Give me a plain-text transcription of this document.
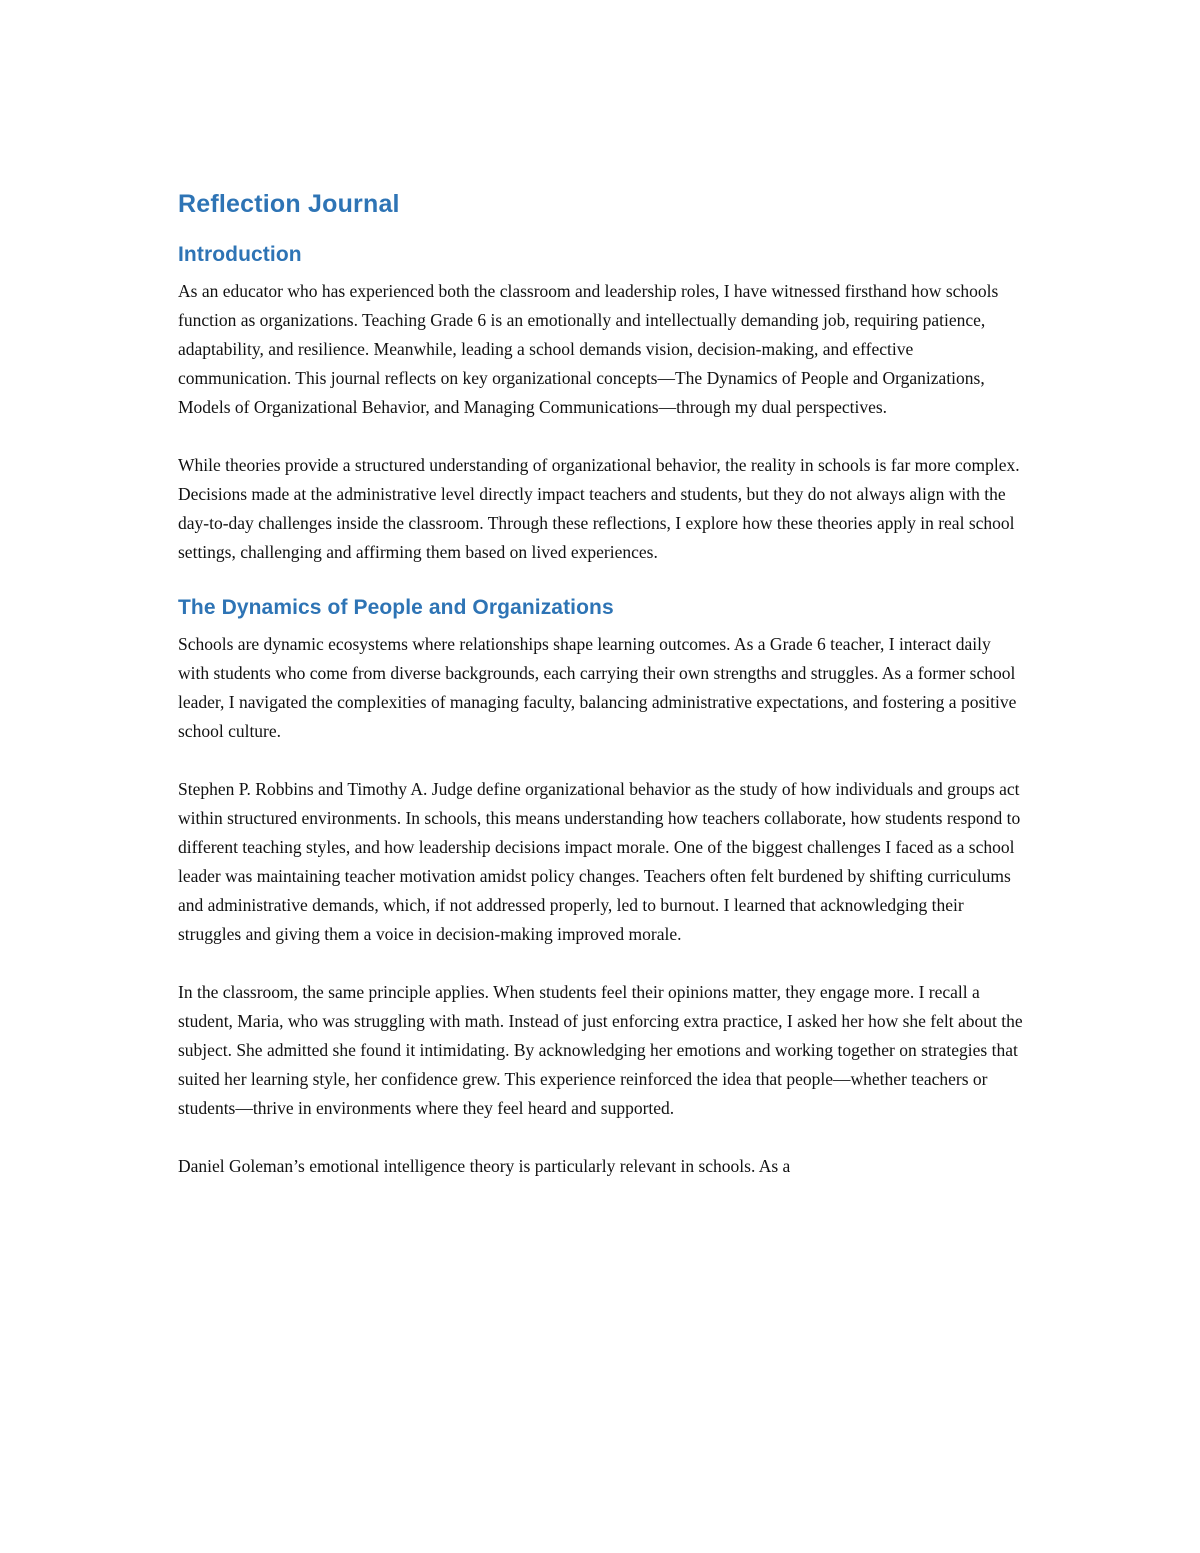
Reflection Journal
Introduction

As an educator who has experienced both the classroom and leadership roles, I have witnessed firsthand how schools function as organizations. Teaching Grade 6 is an emotionally and intellectually demanding job, requiring patience, adaptability, and resilience. Meanwhile, leading a school demands vision, decision-making, and effective communication. This journal reflects on key organizational concepts—The Dynamics of People and Organizations, Models of Organizational Behavior, and Managing Communications—through my dual perspectives.

While theories provide a structured understanding of organizational behavior, the reality in schools is far more complex. Decisions made at the administrative level directly impact teachers and students, but they do not always align with the day-to-day challenges inside the classroom. Through these reflections, I explore how these theories apply in real school settings, challenging and affirming them based on lived experiences.

The Dynamics of People and Organizations

Schools are dynamic ecosystems where relationships shape learning outcomes. As a Grade 6 teacher, I interact daily with students who come from diverse backgrounds, each carrying their own strengths and struggles. As a former school leader, I navigated the complexities of managing faculty, balancing administrative expectations, and fostering a positive school culture.

Stephen P. Robbins and Timothy A. Judge define organizational behavior as the study of how individuals and groups act within structured environments. In schools, this means understanding how teachers collaborate, how students respond to different teaching styles, and how leadership decisions impact morale. One of the biggest challenges I faced as a school leader was maintaining teacher motivation amidst policy changes. Teachers often felt burdened by shifting curriculums and administrative demands, which, if not addressed properly, led to burnout. I learned that acknowledging their struggles and giving them a voice in decision-making improved morale.

In the classroom, the same principle applies. When students feel their opinions matter, they engage more. I recall a student, Maria, who was struggling with math. Instead of just enforcing extra practice, I asked her how she felt about the subject. She admitted she found it intimidating. By acknowledging her emotions and working together on strategies that suited her learning style, her confidence grew. This experience reinforced the idea that people—whether teachers or students—thrive in environments where they feel heard and supported.

Daniel Goleman’s emotional intelligence theory is particularly relevant in schools. As a
